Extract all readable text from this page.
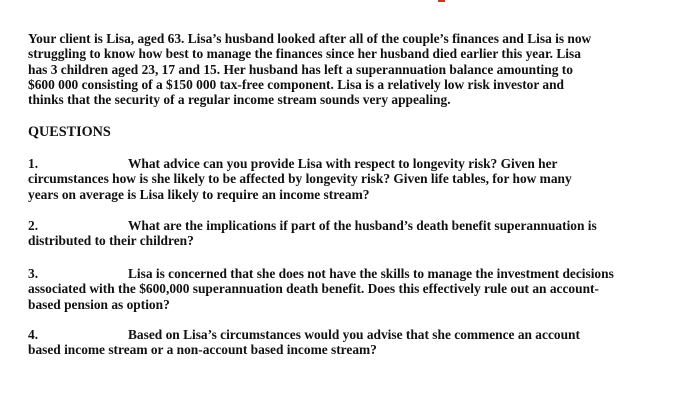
Your client is Lisa, aged 63. Lisa’s husband looked after all of the couple’s finances and Lisa is now
struggling to know how best to manage the finances since her husband died earlier this year. Lisa
has 3 children aged 23, 17 and 15. Her husband has left a superannuation balance amounting to
$600 000 consisting of a $150 000 tax-free component. Lisa is a relatively low risk investor and
thinks that the security of a regular income stream sounds very appealing.
QUESTIONS
1.	What advice can you provide Lisa with respect to longevity risk? Given her
circumstances how is she likely to be affected by longevity risk? Given life tables, for how many
years on average is Lisa likely to require an income stream?
2.	What are the implications if part of the husband’s death benefit superannuation is
distributed to their children?
3.	Lisa is concerned that she does not have the skills to manage the investment decisions
associated with the $600,000 superannuation death benefit. Does this effectively rule out an account-
based pension as option?
4.	Based on Lisa’s circumstances would you advise that she commence an account
based income stream or a non-account based income stream?
